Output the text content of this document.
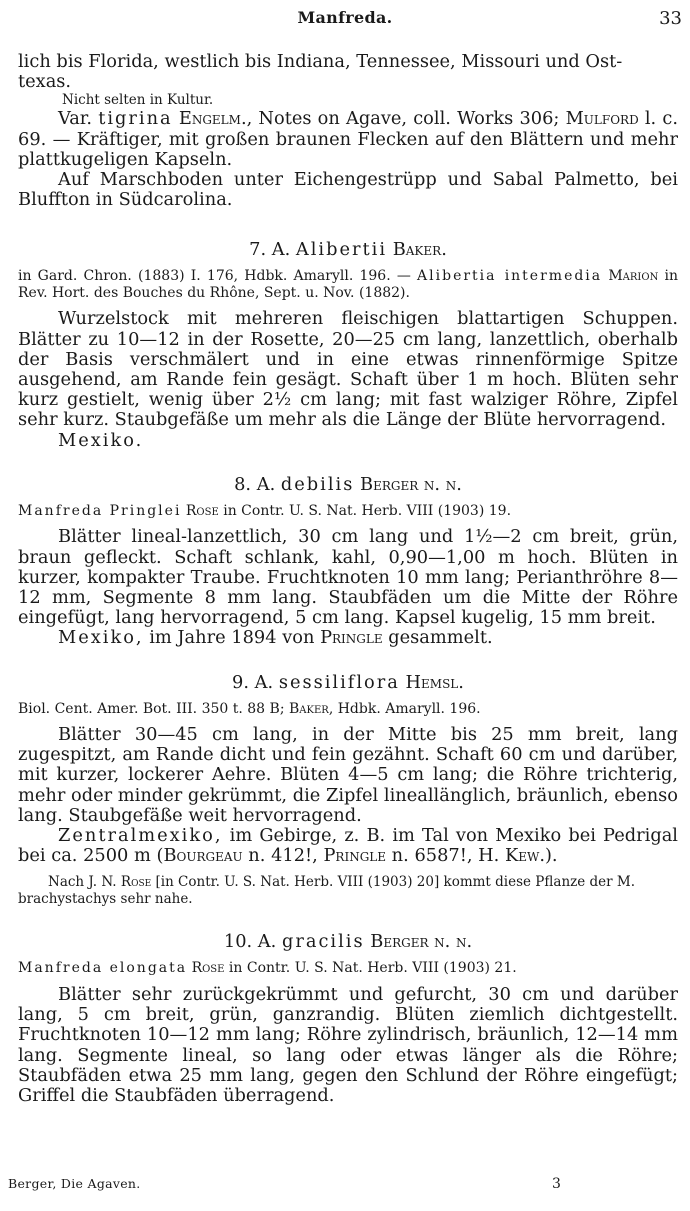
Manfreda.	33

lich bis Florida, westlich bis Indiana, Tennessee, Missouri und Ost-
texas.

Nicht selten in Kultur.

Var. tigrina Engelm., Notes on Agave, coll. Works 306; Mulford l. c. 69. — Kräftiger, mit großen braunen Flecken auf den Blättern und mehr plattkugeligen Kapseln.

Auf Marschboden unter Eichengestrüpp und Sabal Palmetto, bei Bluffton in Südcarolina.

7. A. Alibertii Baker.

in Gard. Chron. (1883) I. 176, Hdbk. Amaryll. 196. — Alibertia intermedia Marion in Rev. Hort. des Bouches du Rhône, Sept. u. Nov. (1882).

Wurzelstock mit mehreren fleischigen blattartigen Schuppen. Blätter zu 10—12 in der Rosette, 20—25 cm lang, lanzettlich, oberhalb der Basis verschmälert und in eine etwas rinnenförmige Spitze ausgehend, am Rande fein gesägt. Schaft über 1 m hoch. Blüten sehr kurz gestielt, wenig über 2½ cm lang; mit fast walziger Röhre, Zipfel sehr kurz. Staubgefäße um mehr als die Länge der Blüte hervorragend.

Mexiko.

8. A. debilis Berger n. n.

Manfreda Pringlei Rose in Contr. U. S. Nat. Herb. VIII (1903) 19.

Blätter lineal-lanzettlich, 30 cm lang und 1½—2 cm breit, grün, braun gefleckt. Schaft schlank, kahl, 0,90—1,00 m hoch. Blüten in kurzer, kompakter Traube. Fruchtknoten 10 mm lang; Perianthröhre 8—12 mm, Segmente 8 mm lang. Staubfäden um die Mitte der Röhre eingefügt, lang hervorragend, 5 cm lang. Kapsel kugelig, 15 mm breit.

Mexiko, im Jahre 1894 von Pringle gesammelt.

9. A. sessiliflora Hemsl.

Biol. Cent. Amer. Bot. III. 350 t. 88 B; Baker, Hdbk. Amaryll. 196.

Blätter 30—45 cm lang, in der Mitte bis 25 mm breit, lang zugespitzt, am Rande dicht und fein gezähnt. Schaft 60 cm und darüber, mit kurzer, lockerer Aehre. Blüten 4—5 cm lang; die Röhre trichterig, mehr oder minder gekrümmt, die Zipfel lineallänglich, bräunlich, ebenso lang. Staubgefäße weit hervorragend.

Zentralmexiko, im Gebirge, z. B. im Tal von Mexiko bei Pedrigal bei ca. 2500 m (Bourgeau n. 412!, Pringle n. 6587!, H. Kew.).

Nach J. N. Rose [in Contr. U. S. Nat. Herb. VIII (1903) 20] kommt diese Pflanze der M. brachystachys sehr nahe.

10. A. gracilis Berger n. n.

Manfreda elongata Rose in Contr. U. S. Nat. Herb. VIII (1903) 21.

Blätter sehr zurückgekrümmt und gefurcht, 30 cm und darüber lang, 5 cm breit, grün, ganzrandig. Blüten ziemlich dichtgestellt. Fruchtknoten 10—12 mm lang; Röhre zylindrisch, bräunlich, 12—14 mm lang. Segmente lineal, so lang oder etwas länger als die Röhre; Staubfäden etwa 25 mm lang, gegen den Schlund der Röhre eingefügt; Griffel die Staubfäden überragend.

Berger, Die Agaven.	3
